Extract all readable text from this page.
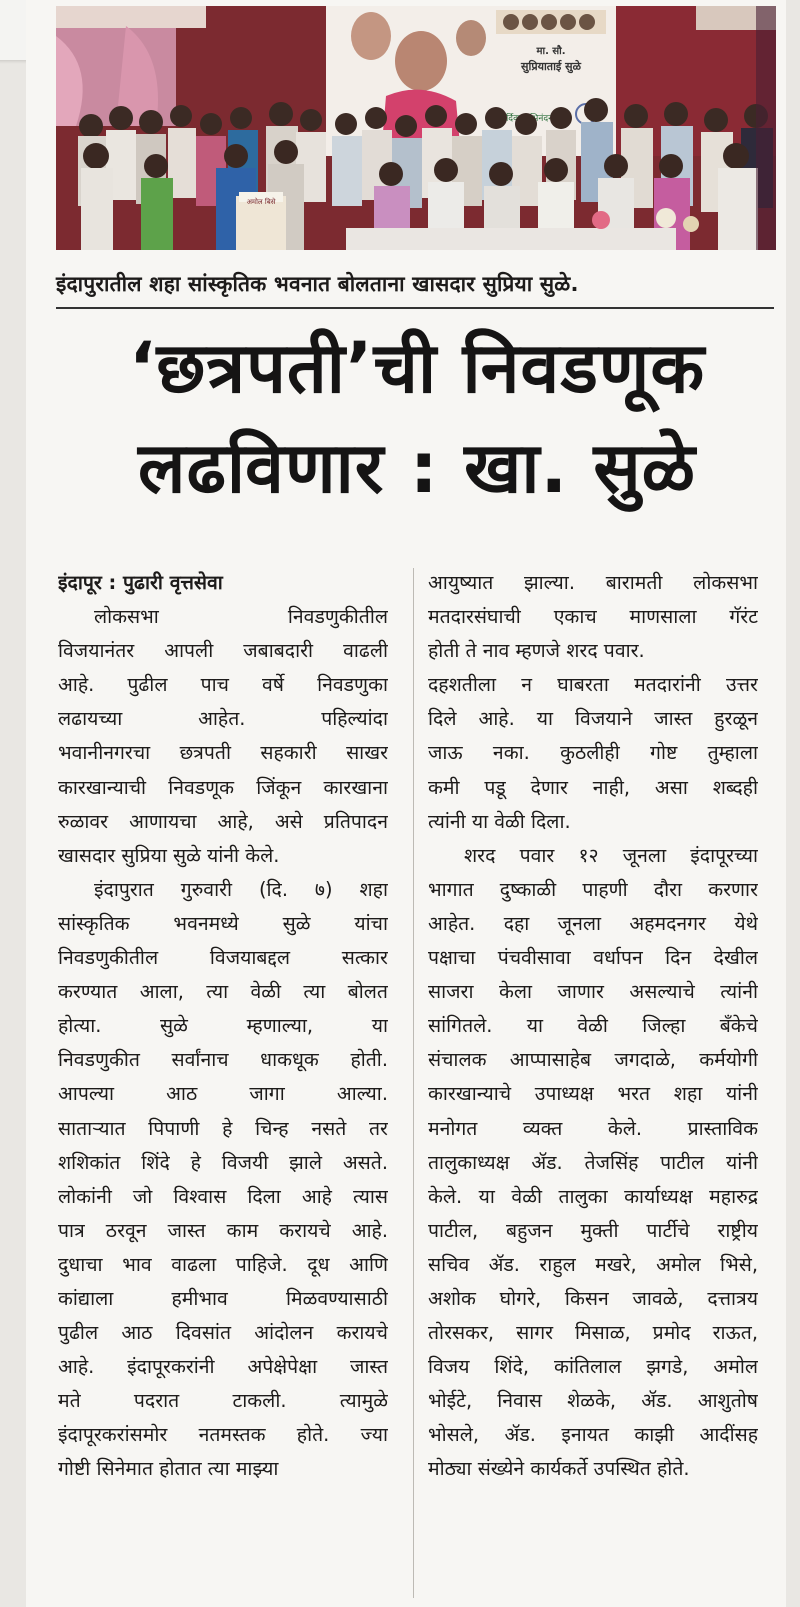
मा. सौ.
सुप्रियाताई सुळे
हार्दिक अभिनंदन
अमोल बिसे
इंदापुरातील शहा सांस्कृतिक भवनात बोलताना खासदार सुप्रिया सुळे.
‘छत्रपती’ची निवडणूक
लढविणार : खा. सुळे
इंदापूर : पुढारी वृत्तसेवा
लोकसभा निवडणुकीतील
विजयानंतर आपली जबाबदारी वाढली
आहे. पुढील पाच वर्षे निवडणुका
लढायच्या आहेत. पहिल्यांदा
भवानीनगरचा छत्रपती सहकारी साखर
कारखान्याची निवडणूक जिंकून कारखाना
रुळावर आणायचा आहे, असे प्रतिपादन
खासदार सुप्रिया सुळे यांनी केले.
इंदापुरात गुरुवारी (दि. ७) शहा
सांस्कृतिक भवनमध्ये सुळे यांचा
निवडणुकीतील विजयाबद्दल सत्कार
करण्यात आला, त्या वेळी त्या बोलत
होत्या. सुळे म्हणाल्या, या
निवडणुकीत सर्वांनाच धाकधूक होती.
आपल्या आठ जागा आल्या.
साताऱ्यात पिपाणी हे चिन्ह नसते तर
शशिकांत शिंदे हे विजयी झाले असते.
लोकांनी जो विश्वास दिला आहे त्यास
पात्र ठरवून जास्त काम करायचे आहे.
दुधाचा भाव वाढला पाहिजे. दूध आणि
कांद्याला हमीभाव मिळवण्यासाठी
पुढील आठ दिवसांत आंदोलन करायचे
आहे. इंदापूरकरांनी अपेक्षेपेक्षा जास्त
मते पदरात टाकली. त्यामुळे
इंदापूरकरांसमोर नतमस्तक होते. ज्या
गोष्टी सिनेमात होतात त्या माझ्या
आयुष्यात झाल्या. बारामती लोकसभा
मतदारसंघाची एकाच माणसाला गॅरंट
होती ते नाव म्हणजे शरद पवार.
दहशतीला न घाबरता मतदारांनी उत्तर
दिले आहे. या विजयाने जास्त हुरळून
जाऊ नका. कुठलीही गोष्ट तुम्हाला
कमी पडू देणार नाही, असा शब्दही
त्यांनी या वेळी दिला.
शरद पवार १२ जूनला इंदापूरच्या
भागात दुष्काळी पाहणी दौरा करणार
आहेत. दहा जूनला अहमदनगर येथे
पक्षाचा पंचवीसावा वर्धापन दिन देखील
साजरा केला जाणार असल्याचे त्यांनी
सांगितले. या वेळी जिल्हा बँकेचे
संचालक आप्पासाहेब जगदाळे, कर्मयोगी
कारखान्याचे उपाध्यक्ष भरत शहा यांनी
मनोगत व्यक्त केले. प्रास्ताविक
तालुकाध्यक्ष ॲड. तेजसिंह पाटील यांनी
केले. या वेळी तालुका कार्याध्यक्ष महारुद्र
पाटील, बहुजन मुक्ती पार्टीचे राष्ट्रीय
सचिव ॲड. राहुल मखरे, अमोल भिसे,
अशोक घोगरे, किसन जावळे, दत्तात्रय
तोरसकर, सागर मिसाळ, प्रमोद राऊत,
विजय शिंदे, कांतिलाल झगडे, अमोल
भोईटे, निवास शेळके, ॲड. आशुतोष
भोसले, ॲड. इनायत काझी आदींसह
मोठ्या संख्येने कार्यकर्ते उपस्थित होते.
